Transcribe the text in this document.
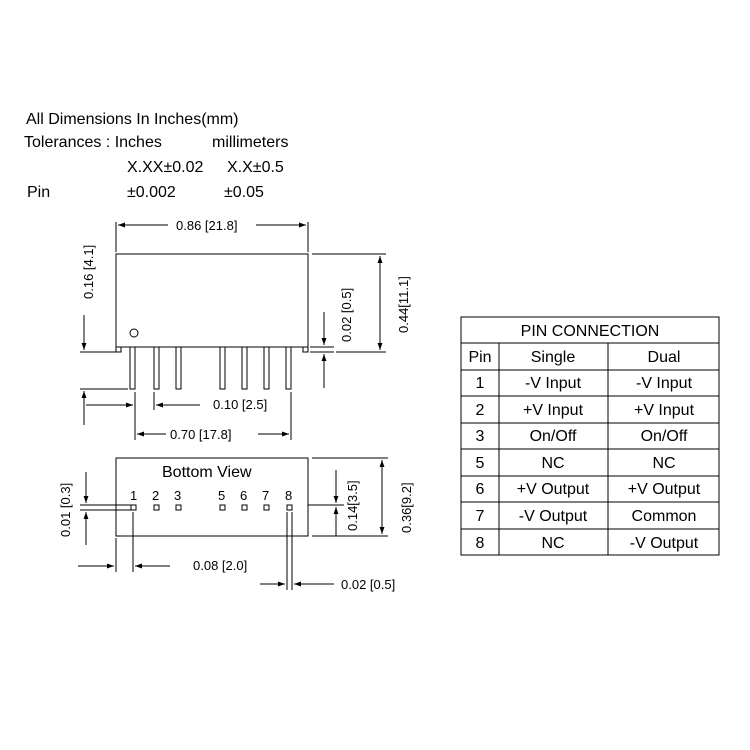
All Dimensions In Inches(mm)
Tolerances : Inches	millimeters
X.XX±0.02 X.X±0.5
Pin	±0.002	±0.05
0.86 [21.8]
0.16 [4.1]
0.02 [0.5]	0.44[11.1]
0.10 [2.5]
0.70 [17.8]
Bottom View
1 2 3	5 6 7 8
0.01 [0.3]	0.14[3.5]	0.36[9.2]
0.08 [2.0]
0.02 [0.5]
PIN CONNECTION
Pin Single	Dual
1	-V Input	-V Input
2 +V Input	+V Input
3	On/Off	On/Off
5	NC	NC
6 +V Output +V Output
7 -V Output	Common
8	NC	-V Output
